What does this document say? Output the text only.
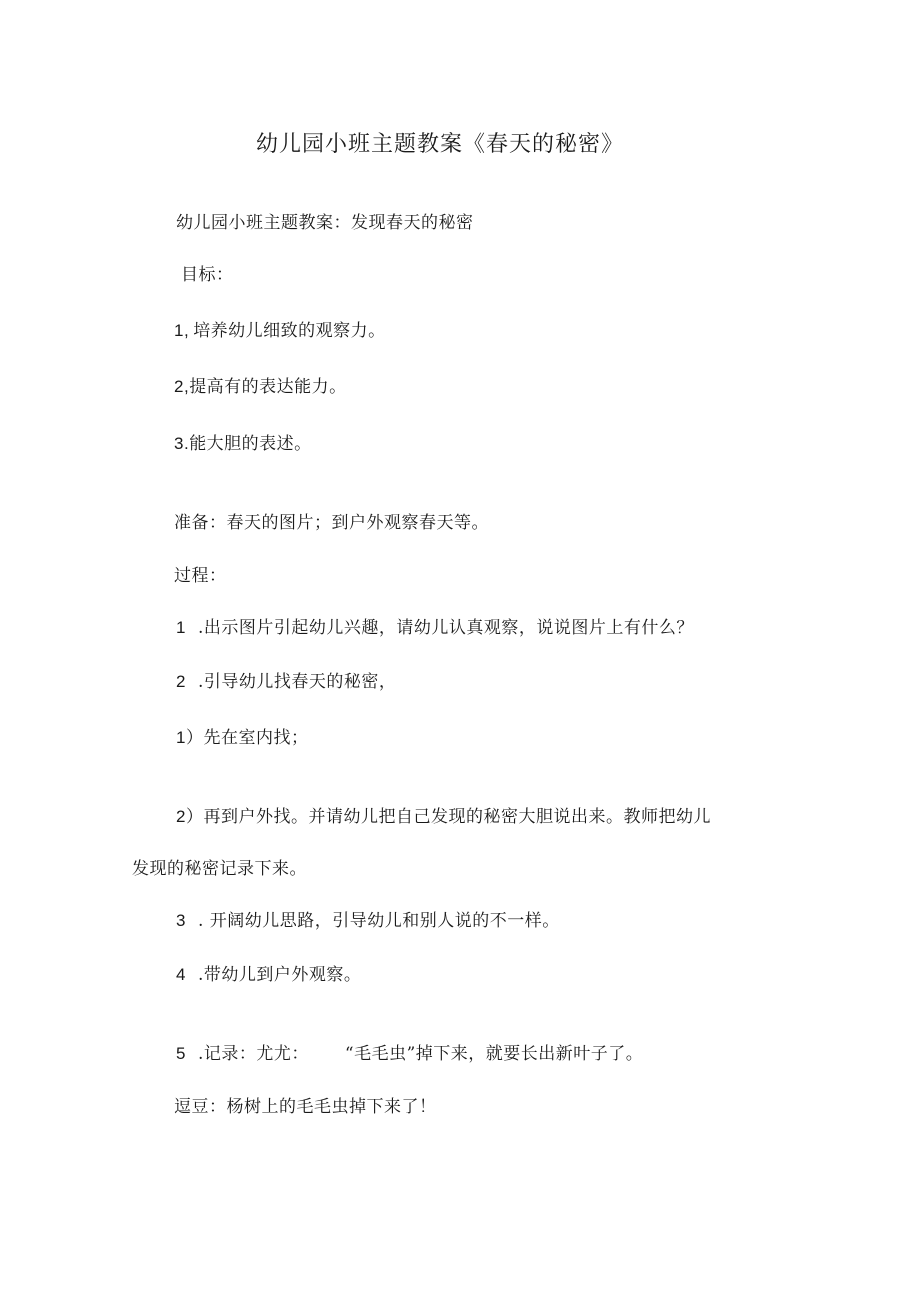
幼儿园小班主题教案《春天的秘密》
幼儿园小班主题教案：发现春天的秘密
目标：
1, 培养幼儿细致的观察力。
2,提高有的表达能力。
3.能大胆的表述。
准备：春天的图片；到户外观察春天等。
过程：
1 .出示图片引起幼儿兴趣，请幼儿认真观察，说说图片上有什么？
2 .引导幼儿找春天的秘密，
1）先在室内找；
2）再到户外找。并请幼儿把自己发现的秘密大胆说出来。教师把幼儿
发现的秘密记录下来。
3 . 开阔幼儿思路，引导幼儿和别人说的不一样。
4 .带幼儿到户外观察。
5 .记录：尤尤： “毛毛虫”掉下来，就要长出新叶子了。
逗豆：杨树上的毛毛虫掉下来了！
